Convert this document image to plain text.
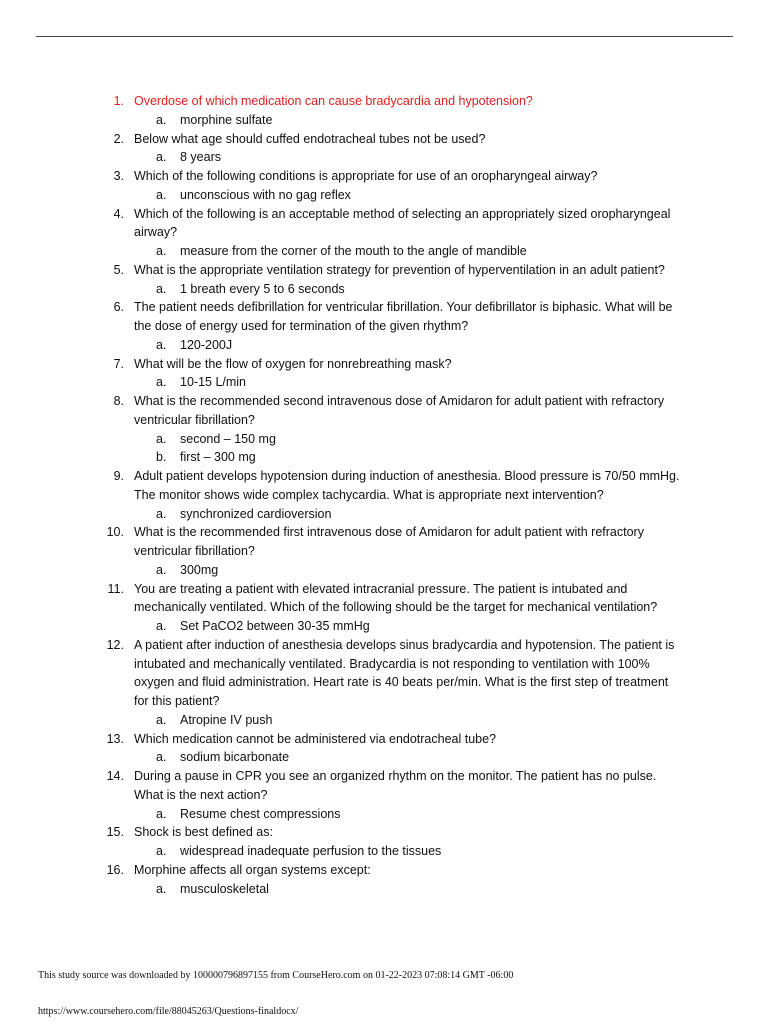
1. Overdose of which medication can cause bradycardia and hypotension?
a. morphine sulfate
2. Below what age should cuffed endotracheal tubes not be used?
a. 8 years
3. Which of the following conditions is appropriate for use of an oropharyngeal airway?
a. unconscious with no gag reflex
4. Which of the following is an acceptable method of selecting an appropriately sized oropharyngeal airway?
a. measure from the corner of the mouth to the angle of mandible
5. What is the appropriate ventilation strategy for prevention of hyperventilation in an adult patient?
a. 1 breath every 5 to 6 seconds
6. The patient needs defibrillation for ventricular fibrillation. Your defibrillator is biphasic. What will be the dose of energy used for termination of the given rhythm?
a. 120-200J
7. What will be the flow of oxygen for nonrebreathing mask?
a. 10-15 L/min
8. What is the recommended second intravenous dose of Amidaron for adult patient with refractory ventricular fibrillation?
a. second – 150 mg
b. first – 300 mg
9. Adult patient develops hypotension during induction of anesthesia. Blood pressure is 70/50 mmHg. The monitor shows wide complex tachycardia. What is appropriate next intervention?
a. synchronized cardioversion
10. What is the recommended first intravenous dose of Amidaron for adult patient with refractory ventricular fibrillation?
a. 300mg
11. You are treating a patient with elevated intracranial pressure. The patient is intubated and mechanically ventilated. Which of the following should be the target for mechanical ventilation?
a. Set PaCO2 between 30-35 mmHg
12. A patient after induction of anesthesia develops sinus bradycardia and hypotension. The patient is intubated and mechanically ventilated. Bradycardia is not responding to ventilation with 100% oxygen and fluid administration. Heart rate is 40 beats per/min. What is the first step of treatment for this patient?
a. Atropine IV push
13. Which medication cannot be administered via endotracheal tube?
a. sodium bicarbonate
14. During a pause in CPR you see an organized rhythm on the monitor. The patient has no pulse. What is the next action?
a. Resume chest compressions
15. Shock is best defined as:
a. widespread inadequate perfusion to the tissues
16. Morphine affects all organ systems except:
a. musculoskeletal
This study source was downloaded by 100000796897155 from CourseHero.com on 01-22-2023 07:08:14 GMT -06:00
https://www.coursehero.com/file/88045263/Questions-finaldocx/
